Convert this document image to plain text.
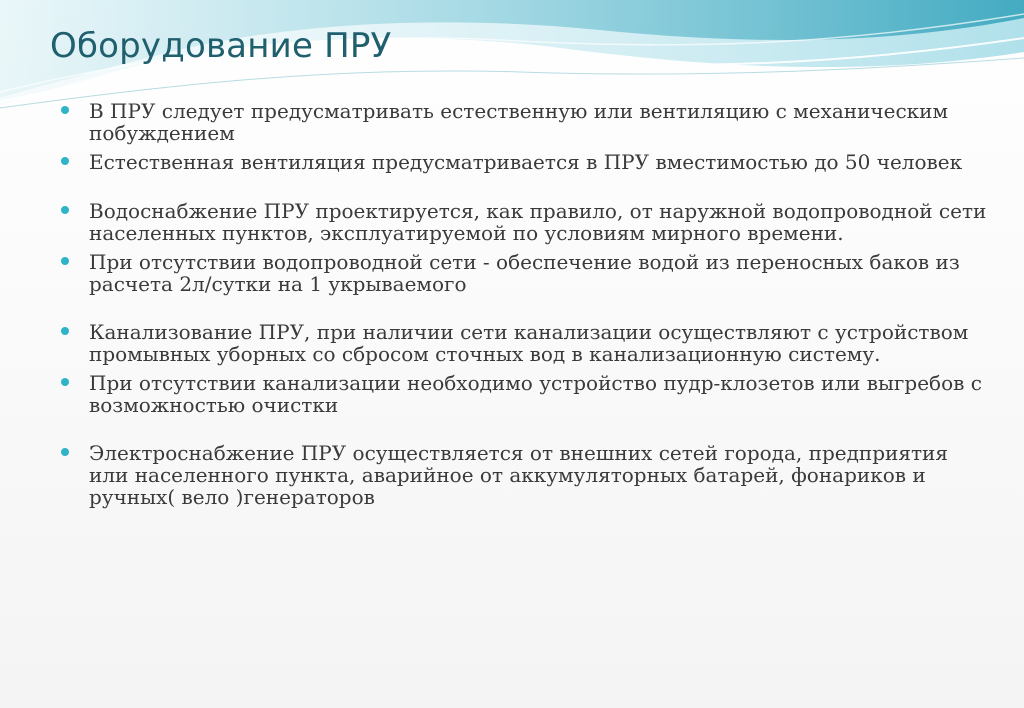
Оборудование ПРУ

В ПРУ следует предусматривать естественную или вентиляцию с механическим побуждением

Естественная вентиляция предусматривается в ПРУ вместимостью до 50 человек

Водоснабжение ПРУ проектируется, как правило, от наружной водопроводной сети населенных пунктов, эксплуатируемой по условиям мирного времени.

При отсутствии водопроводной сети - обеспечение водой из переносных баков из расчета 2л/сутки на 1 укрываемого

Канализование ПРУ, при наличии сети канализации осуществляют с устройством промывных уборных со сбросом сточных вод в канализационную систему.

При отсутствии канализации необходимо устройство пудр-клозетов или выгребов с возможностью очистки

Электроснабжение ПРУ осуществляется от внешних сетей города, предприятия или населенного пункта, аварийное от аккумуляторных батарей, фонариков и ручных( вело )генераторов
